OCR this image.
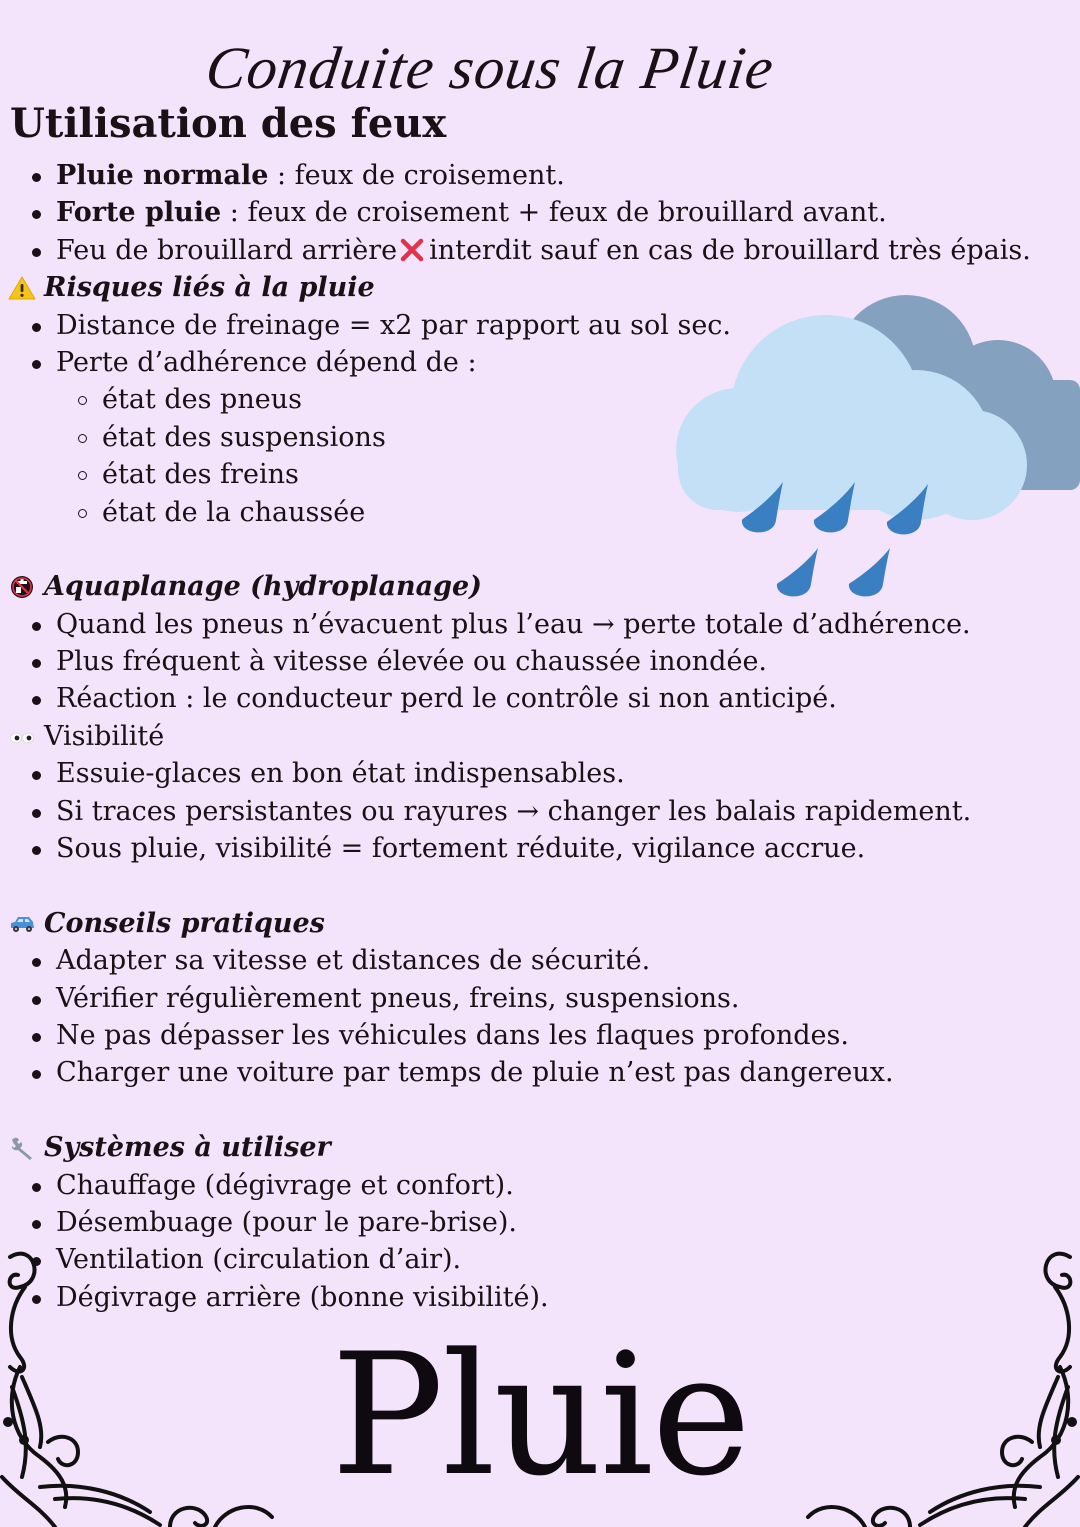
Conduite sous la Pluie
Utilisation des feux
Pluie normale : feux de croisement.
Forte pluie : feux de croisement + feux de brouillard avant.
Feu de brouillard arrière interdit sauf en cas de brouillard très épais.
Risques liés à la pluie
Distance de freinage = x2 par rapport au sol sec.
Perte d’adhérence dépend de :
état des pneus
état des suspensions
état des freins
état de la chaussée
Aquaplanage (hydroplanage)
Quand les pneus n’évacuent plus l’eau → perte totale d’adhérence.
Plus fréquent à vitesse élevée ou chaussée inondée.
Réaction : le conducteur perd le contrôle si non anticipé.
Visibilité
Essuie-glaces en bon état indispensables.
Si traces persistantes ou rayures → changer les balais rapidement.
Sous pluie, visibilité = fortement réduite, vigilance accrue.
Conseils pratiques
Adapter sa vitesse et distances de sécurité.
Vérifier régulièrement pneus, freins, suspensions.
Ne pas dépasser les véhicules dans les flaques profondes.
Charger une voiture par temps de pluie n’est pas dangereux.
Systèmes à utiliser
Chauffage (dégivrage et confort).
Désembuage (pour le pare-brise).
Ventilation (circulation d’air).
Dégivrage arrière (bonne visibilité).
Pluie
